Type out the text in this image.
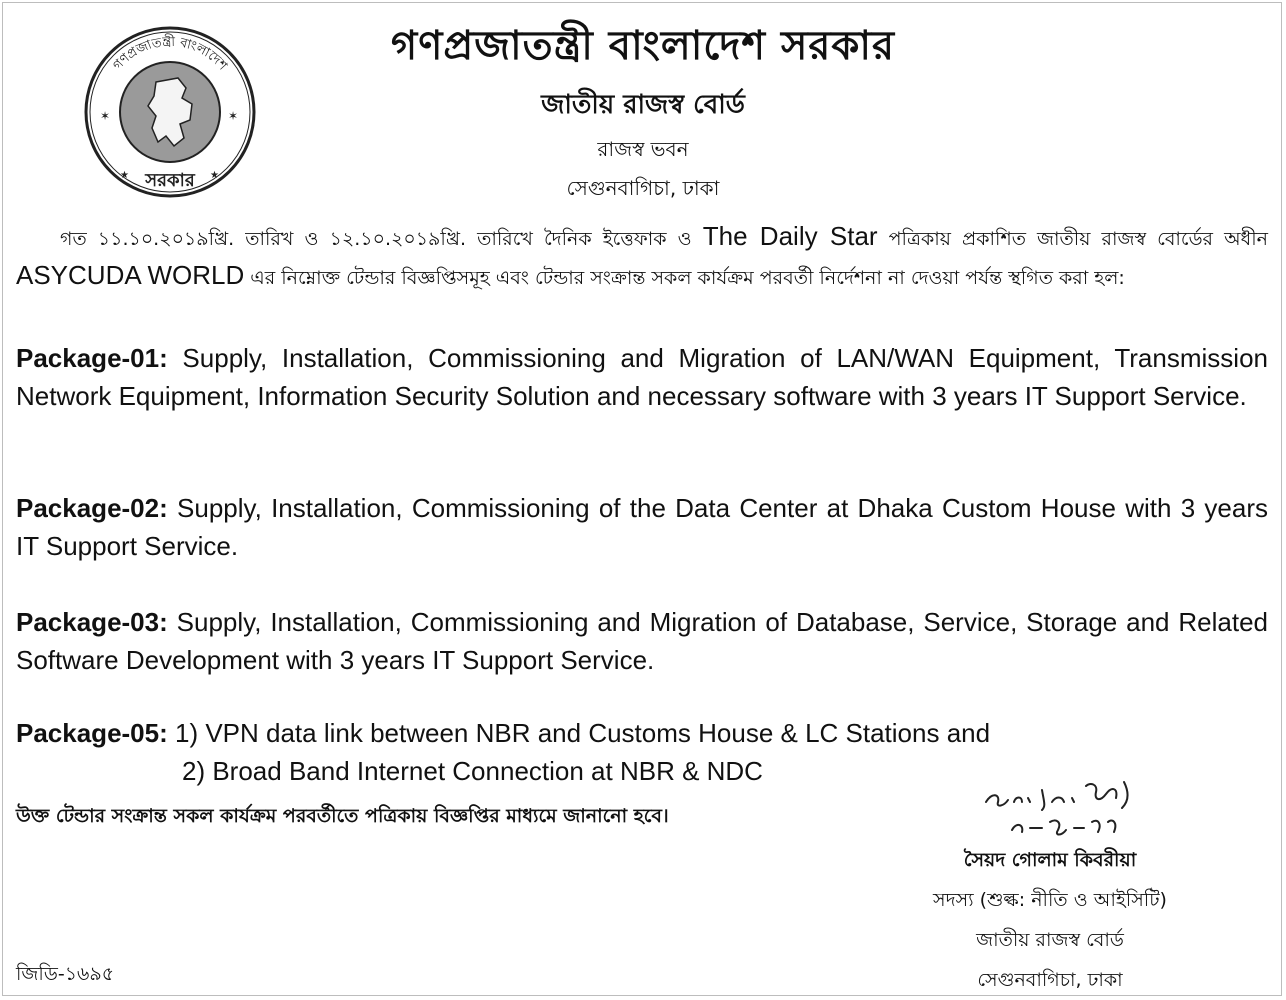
✶	✶
★	★
গণপ্রজাতন্ত্রী বাংলাদেশ
সরকার
গণপ্রজাতন্ত্রী বাংলাদেশ সরকার
জাতীয় রাজস্ব বোর্ড
রাজস্ব ভবন
সেগুনবাগিচা, ঢাকা
গত ১১.১০.২০১৯খ্রি. তারিখ ও ১২.১০.২০১৯খ্রি. তারিখে দৈনিক ইত্তেফাক ও The Daily Star পত্রিকায় প্রকাশিত জাতীয় রাজস্ব বোর্ডের অধীন ASYCUDA WORLD এর নিম্নোক্ত টেন্ডার বিজ্ঞপ্তিসমূহ এবং টেন্ডার সংক্রান্ত সকল কার্যক্রম পরবর্তী নির্দেশনা না দেওয়া পর্যন্ত স্থগিত করা হল:
Package-01: Supply, Installation, Commissioning and Migration of LAN/WAN Equipment, Transmission Network Equipment, Information Security Solution and necessary software with 3 years IT Support Service.
Package-02: Supply, Installation, Commissioning of the Data Center at Dhaka Custom House with 3 years IT Support Service.
Package-03: Supply, Installation, Commissioning and Migration of Database, Service, Storage and Related Software Development with 3 years IT Support Service.
Package-05: 1) VPN data link between NBR and Customs House & LC Stations and
2) Broad Band Internet Connection at NBR & NDC
উক্ত টেন্ডার সংক্রান্ত সকল কার্যক্রম পরবর্তীতে পত্রিকায় বিজ্ঞপ্তির মাধ্যমে জানানো হবে।
সৈয়দ গোলাম কিবরীয়া
সদস্য (শুল্ক: নীতি ও আইসিটি)
জাতীয় রাজস্ব বোর্ড
সেগুনবাগিচা, ঢাকা
জিডি-১৬৯৫
